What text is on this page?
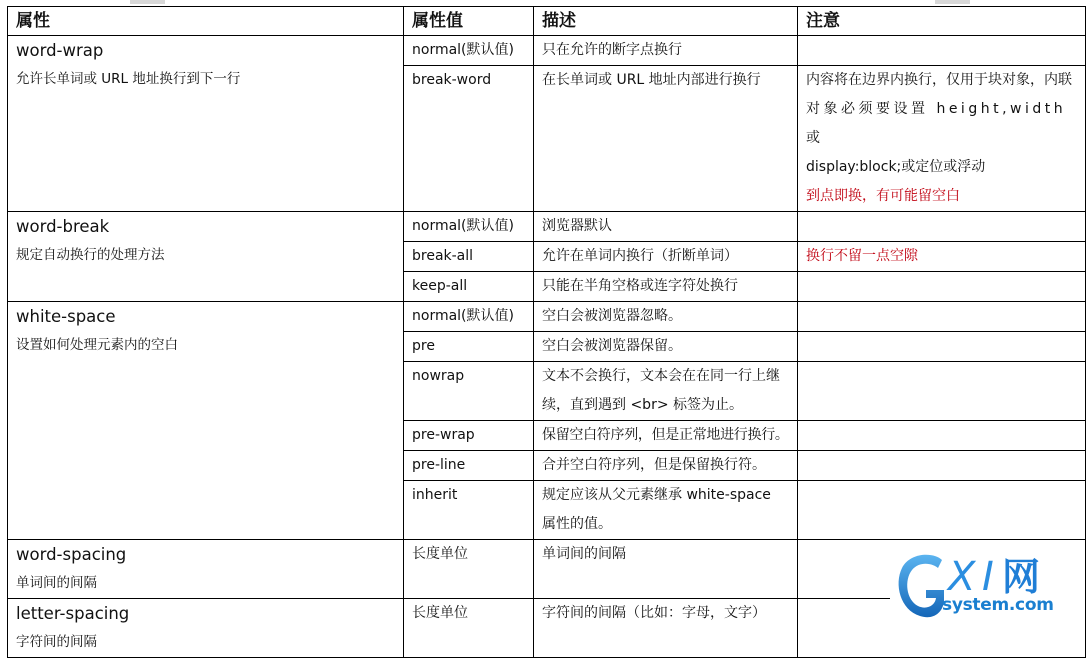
属性	属性值	描述	注意

word-wrap
允许长单词或 URL 地址换行到下一行	normal(默认值)	只在允许的断字点换行	
	break-word	在长单词或 URL 地址内部进行换行	内容将在边界内换行，仅用于块对象，内联
对象必须要设置 height,width 或
display:block;或定位或浮动
到点即换，有可能留空白

word-break
规定自动换行的处理方法	normal(默认值)	浏览器默认	
	break-all	允许在单词内换行（折断单词）	换行不留一点空隙
	keep-all	只能在半角空格或连字符处换行	

white-space
设置如何处理元素内的空白	normal(默认值)	空白会被浏览器忽略。	
	pre	空白会被浏览器保留。	
	nowrap	文本不会换行，文本会在在同一行上继续，直到遇到 <br> 标签为止。	
	pre-wrap	保留空白符序列，但是正常地进行换行。	
	pre-line	合并空白符序列，但是保留换行符。	
	inherit	规定应该从父元素继承 white-space 属性的值。	

word-spacing
单词间的间隔	长度单位	单词间的间隔	

letter-spacing
字符间的间隔	长度单位	字符间的间隔（比如：字母，文字）	
X I 网
system.com
